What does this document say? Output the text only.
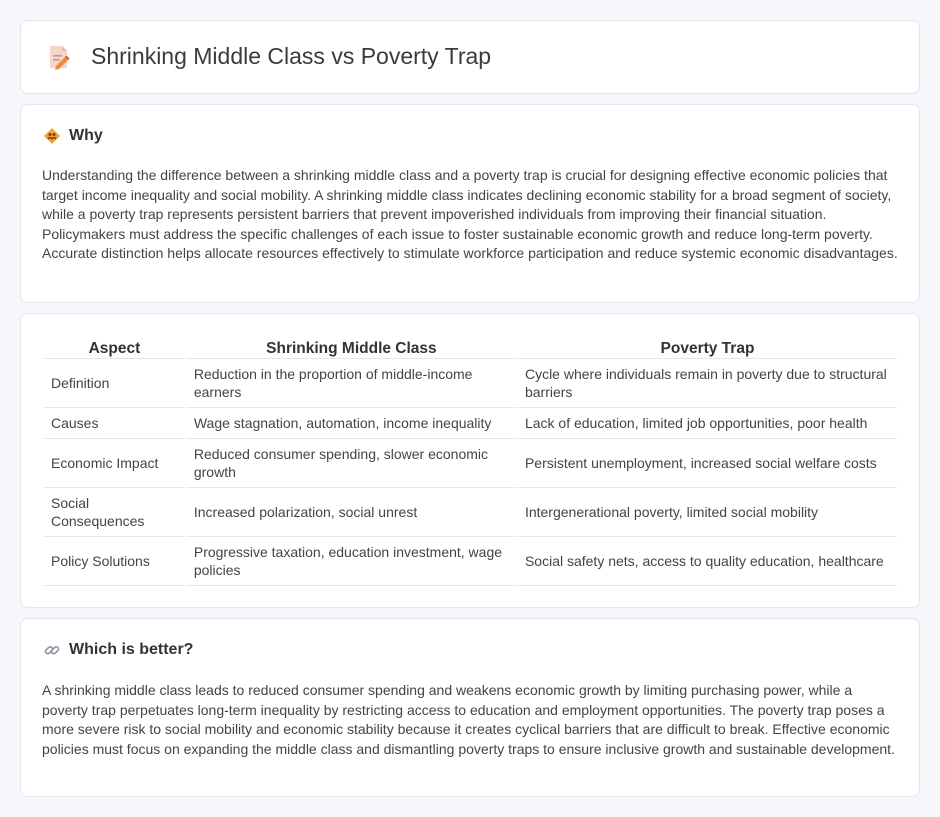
Shrinking Middle Class vs Poverty Trap
Why

Understanding the difference between a shrinking middle class and a poverty trap is crucial for designing effective economic policies that target income inequality and social mobility. A shrinking middle class indicates declining economic stability for a broad segment of society, while a poverty trap represents persistent barriers that prevent impoverished individuals from improving their financial situation. Policymakers must address the specific challenges of each issue to foster sustainable economic growth and reduce long-term poverty. Accurate distinction helps allocate resources effectively to stimulate workforce participation and reduce systemic economic disadvantages.

Aspect	Shrinking Middle Class	Poverty Trap
Definition	Reduction in the proportion of middle-income earners	Cycle where individuals remain in poverty due to structural barriers
Causes	Wage stagnation, automation, income inequality	Lack of education, limited job opportunities, poor health
Economic Impact	Reduced consumer spending, slower economic growth	Persistent unemployment, increased social welfare costs
Social Consequences	Increased polarization, social unrest	Intergenerational poverty, limited social mobility
Policy Solutions	Progressive taxation, education investment, wage policies	Social safety nets, access to quality education, healthcare
Which is better?

A shrinking middle class leads to reduced consumer spending and weakens economic growth by limiting purchasing power, while a poverty trap perpetuates long-term inequality by restricting access to education and employment opportunities. The poverty trap poses a more severe risk to social mobility and economic stability because it creates cyclical barriers that are difficult to break. Effective economic policies must focus on expanding the middle class and dismantling poverty traps to ensure inclusive growth and sustainable development.
